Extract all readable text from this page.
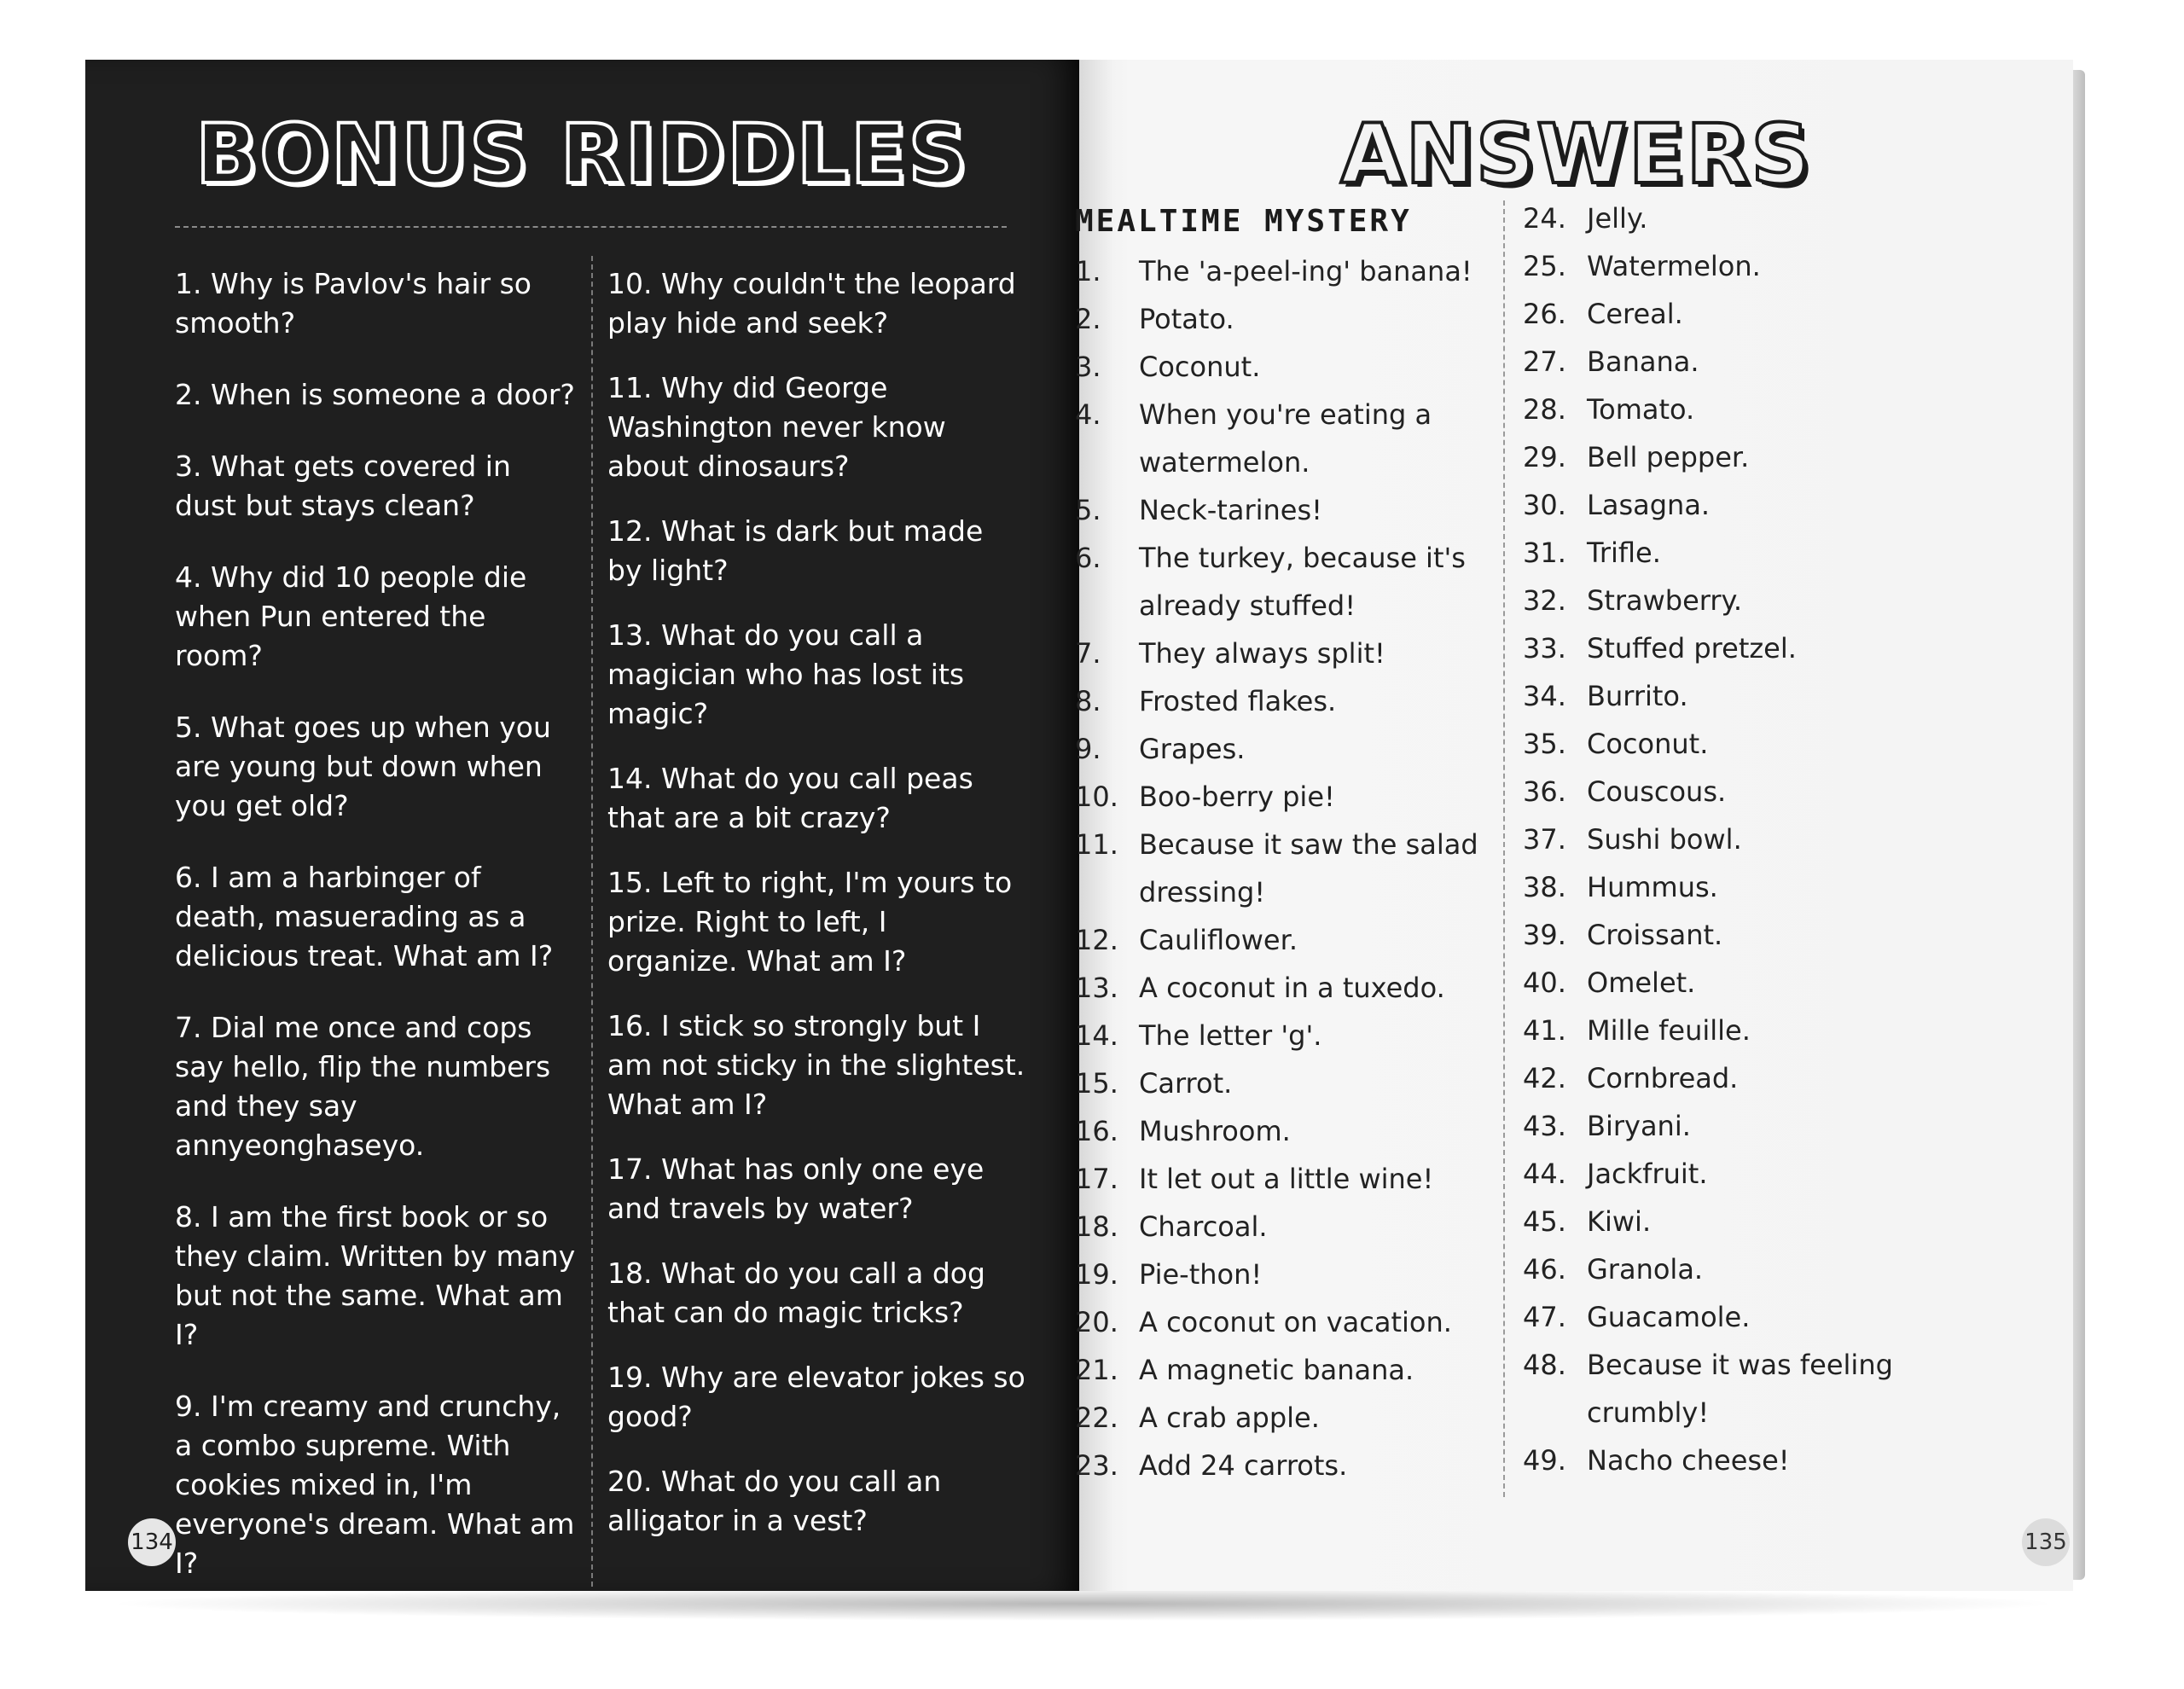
BONUS RIDDLES

1. Why is Pavlov's hair so smooth?

2. When is someone a door?

3. What gets covered in dust but stays clean?

4. Why did 10 people die when Pun entered the room?

5. What goes up when you are young but down when you get old?

6. I am a harbinger of death, masuerading as a delicious treat. What am I?

7. Dial me once and cops say hello, flip the numbers and they say annyeonghaseyo.

8. I am the first book or so they claim. Written by many but not the same. What am I?

9. I'm creamy and crunchy, a combo supreme. With cookies mixed in, I'm everyone's dream. What am I?

10. Why couldn't the leopard play hide and seek?

11. Why did George Washington never know about dinosaurs?

12. What is dark but made by light?

13. What do you call a magician who has lost its magic?

14. What do you call peas that are a bit crazy?

15. Left to right, I'm yours to prize. Right to left, I organize. What am I?

16. I stick so strongly but I am not sticky in the slightest. What am I?

17. What has only one eye and travels by water?

18. What do you call a dog that can do magic tricks?

19. Why are elevator jokes so good?

20. What do you call an alligator in a vest?

134
ANSWERS
135
MEALTIME MYSTERY
1.	The 'a-peel-ing' banana!
2.	Potato.
3.	Coconut.
4.	When you're eating a watermelon.
5.	Neck-tarines!
6.	The turkey, because it's already stuffed!
7.	They always split!
8.	Frosted flakes.
9.	Grapes.
10. Boo-berry pie!
11. Because it saw the salad dressing!
12. Cauliflower.
13. A coconut in a tuxedo.
14. The letter 'g'.
15. Carrot.
16. Mushroom.
17. It let out a little wine!
18. Charcoal.
19. Pie-thon!
20. A coconut on vacation.
21. A magnetic banana.
22. A crab apple.
23. Add 24 carrots.
24. Jelly.
25. Watermelon.
26. Cereal.
27. Banana.
28. Tomato.
29. Bell pepper.
30. Lasagna.
31. Trifle.
32. Strawberry.
33. Stuffed pretzel.
34. Burrito.
35. Coconut.
36. Couscous.
37. Sushi bowl.
38. Hummus.
39. Croissant.
40. Omelet.
41. Mille feuille.
42. Cornbread.
43. Biryani.
44. Jackfruit.
45. Kiwi.
46. Granola.
47. Guacamole.
48. Because it was feeling crumbly!
49. Nacho cheese!
